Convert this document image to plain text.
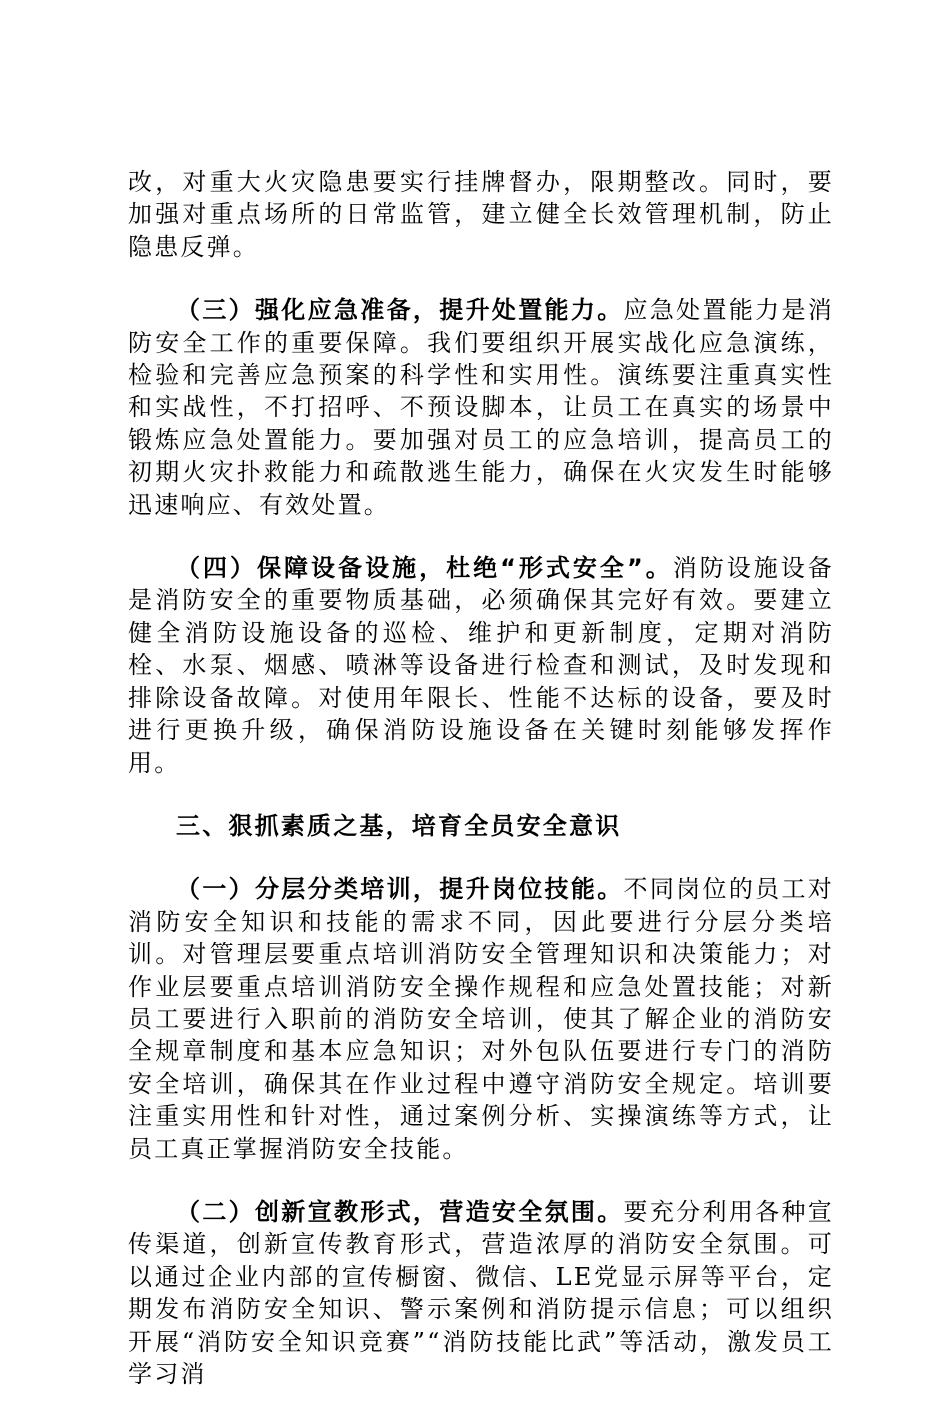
改，对重大火灾隐患要实行挂牌督办，限期整改。同时，要加强对重点场所的日常监管，建立健全长效管理机制，防止隐患反弹。

（三）强化应急准备，提升处置能力。应急处置能力是消防安全工作的重要保障。我们要组织开展实战化应急演练，检验和完善应急预案的科学性和实用性。演练要注重真实性和实战性，不打招呼、不预设脚本，让员工在真实的场景中锻炼应急处置能力。要加强对员工的应急培训，提高员工的初期火灾扑救能力和疏散逃生能力，确保在火灾发生时能够迅速响应、有效处置。

（四）保障设备设施，杜绝“形式安全”。消防设施设备是消防安全的重要物质基础，必须确保其完好有效。要建立健全消防设施设备的巡检、维护和更新制度，定期对消防栓、水泵、烟感、喷淋等设备进行检查和测试，及时发现和排除设备故障。对使用年限长、性能不达标的设备，要及时进行更换升级，确保消防设施设备在关键时刻能够发挥作用。

三、狠抓素质之基，培育全员安全意识

（一）分层分类培训，提升岗位技能。不同岗位的员工对消防安全知识和技能的需求不同，因此要进行分层分类培训。对管理层要重点培训消防安全管理知识和决策能力；对作业层要重点培训消防安全操作规程和应急处置技能；对新员工要进行入职前的消防安全培训，使其了解企业的消防安全规章制度和基本应急知识；对外包队伍要进行专门的消防安全培训，确保其在作业过程中遵守消防安全规定。培训要注重实用性和针对性，通过案例分析、实操演练等方式，让员工真正掌握消防安全技能。

（二）创新宣教形式，营造安全氛围。要充分利用各种宣传渠道，创新宣传教育形式，营造浓厚的消防安全氛围。可以通过企业内部的宣传橱窗、微信、LE党显示屏等平台，定期发布消防安全知识、警示案例和消防提示信息；可以组织开展“消防安全知识竞赛”“消防技能比武”等活动，激发员工学习消
